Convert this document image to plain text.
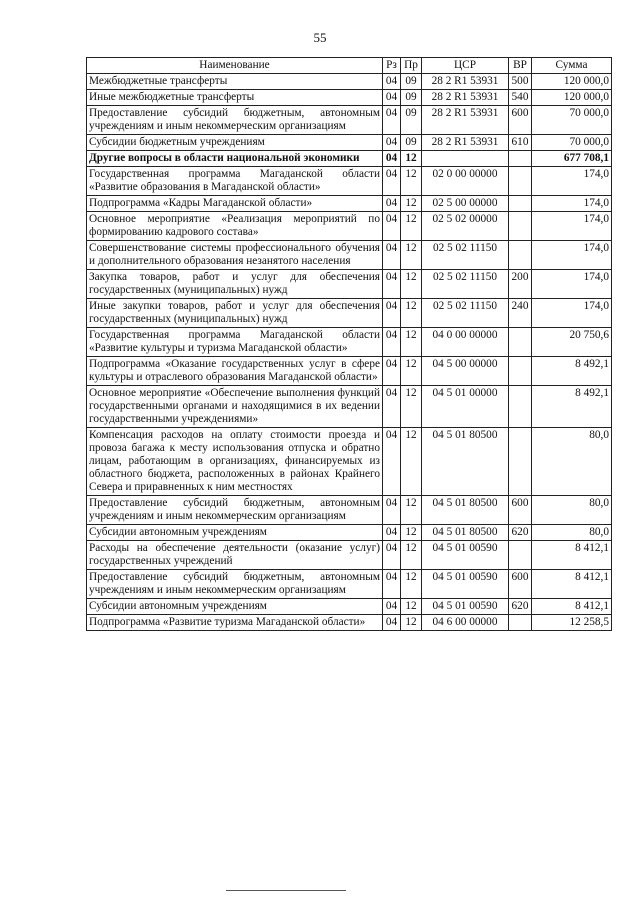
55
Наименование	Рз	Пр	ЦСР	ВР	Сумма
Межбюджетные трансферты	04	09	28 2 R1 53931	500	120 000,0
Иные межбюджетные трансферты	04	09	28 2 R1 53931	540	120 000,0
Предоставление субсидий бюджетным, автономным учреждениям и иным некоммерческим организациям	04	09	28 2 R1 53931	600	70 000,0
Субсидии бюджетным учреждениям	04	09	28 2 R1 53931	610	70 000,0
Другие вопросы в области национальной экономики	04	12			677 708,1
Государственная программа Магаданской области «Развитие образования в Магаданской области»	04	12	02 0 00 00000		174,0
Подпрограмма «Кадры Магаданской области»	04	12	02 5 00 00000		174,0
Основное мероприятие «Реализация мероприятий по формированию кадрового состава»	04	12	02 5 02 00000		174,0
Совершенствование системы профессионального обучения и дополнительного образования незанятого населения	04	12	02 5 02 11150		174,0
Закупка товаров, работ и услуг для обеспечения государственных (муниципальных) нужд	04	12	02 5 02 11150	200	174,0
Иные закупки товаров, работ и услуг для обеспечения государственных (муниципальных) нужд	04	12	02 5 02 11150	240	174,0
Государственная программа Магаданской области «Развитие культуры и туризма Магаданской области»	04	12	04 0 00 00000		20 750,6
Подпрограмма «Оказание государственных услуг в сфере культуры и отраслевого образования Магаданской области»	04	12	04 5 00 00000		8 492,1
Основное мероприятие «Обеспечение выполнения функций государственными органами и находящимися в их ведении государственными учреждениями»	04	12	04 5 01 00000		8 492,1
Компенсация расходов на оплату стоимости проезда и провоза багажа к месту использования отпуска и обратно лицам, работающим в организациях, финансируемых из областного бюджета, расположенных в районах Крайнего Севера и приравненных к ним местностях	04	12	04 5 01 80500		80,0
Предоставление субсидий бюджетным, автономным учреждениям и иным некоммерческим организациям	04	12	04 5 01 80500	600	80,0
Субсидии автономным учреждениям	04	12	04 5 01 80500	620	80,0
Расходы на обеспечение деятельности (оказание услуг) государственных учреждений	04	12	04 5 01 00590		8 412,1
Предоставление субсидий бюджетным, автономным учреждениям и иным некоммерческим организациям	04	12	04 5 01 00590	600	8 412,1
Субсидии автономным учреждениям	04	12	04 5 01 00590	620	8 412,1
Подпрограмма «Развитие туризма Магаданской области»	04	12	04 6 00 00000		12 258,5
